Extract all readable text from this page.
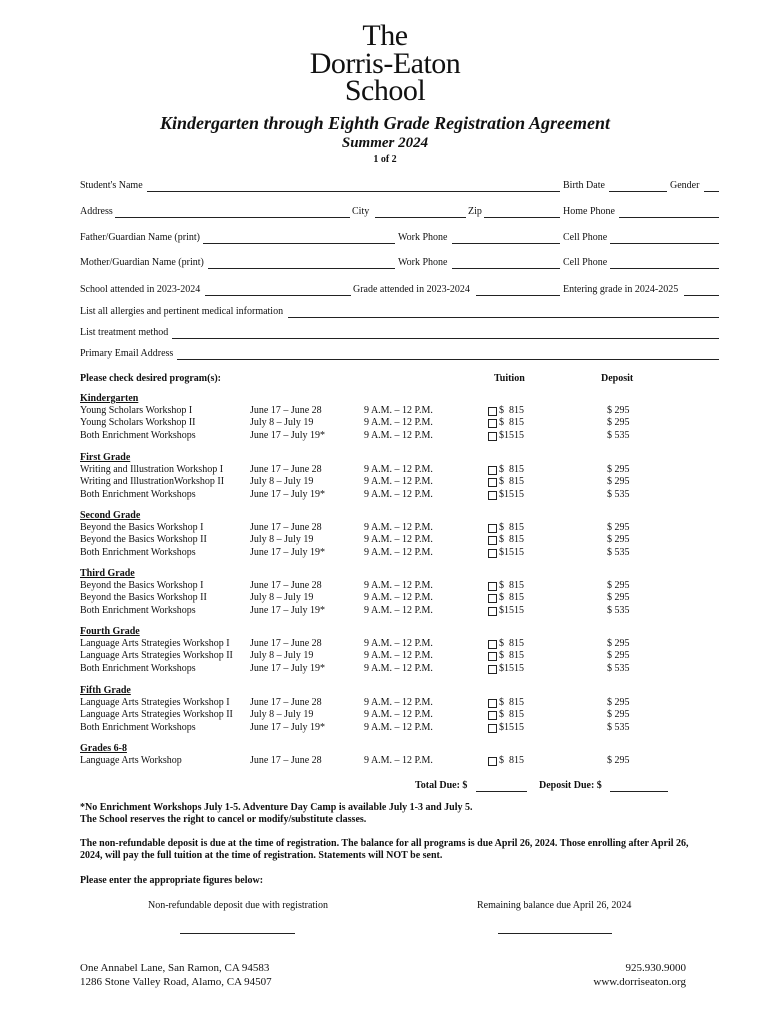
The
Dorris-Eaton
School
Kindergarten through Eighth Grade Registration Agreement
Summer 2024
1 of 2
Student's Name	Birth Date	Gender
Address	City	Zip	Home Phone
Father/Guardian Name (print)	Work Phone	Cell Phone
Mother/Guardian Name (print)	Work Phone	Cell Phone
School attended in 2023-2024	Grade attended in 2023-2024	Entering grade in 2024-2025
List all allergies and pertinent medical information
List treatment method
Primary Email Address
Please check desired program(s):	Tuition	Deposit
Kindergarten
Young Scholars Workshop I	June 17 – June 28	9 A.M. – 12 P.M.	$  815	$ 295
Young Scholars Workshop II	July 8 – July 19	9 A.M. – 12 P.M.	$  815	$ 295
Both Enrichment Workshops	June 17 – July 19*	9 A.M. – 12 P.M.	$1515	$ 535
First Grade
Writing and Illustration Workshop I	June 17 – June 28	9 A.M. – 12 P.M.	$  815	$ 295
Writing and IllustrationWorkshop II	July 8 – July 19	9 A.M. – 12 P.M.	$  815	$ 295
Both Enrichment Workshops	June 17 – July 19*	9 A.M. – 12 P.M.	$1515	$ 535
Second Grade
Beyond the Basics Workshop I	June 17 – June 28	9 A.M. – 12 P.M.	$  815	$ 295
Beyond the Basics Workshop II	July 8 – July 19	9 A.M. – 12 P.M.	$  815	$ 295
Both Enrichment Workshops	June 17 – July 19*	9 A.M. – 12 P.M.	$1515	$ 535
Third Grade
Beyond the Basics Workshop I	June 17 – June 28	9 A.M. – 12 P.M.	$  815	$ 295
Beyond the Basics Workshop II	July 8 – July 19	9 A.M. – 12 P.M.	$  815	$ 295
Both Enrichment Workshops	June 17 – July 19*	9 A.M. – 12 P.M.	$1515	$ 535
Fourth Grade
Language Arts Strategies Workshop I June 17 – June 28	9 A.M. – 12 P.M.	$  815	$ 295
Language Arts Strategies Workshop II July 8 – July 19	9 A.M. – 12 P.M.	$  815	$ 295
Both Enrichment Workshops	June 17 – July 19*	9 A.M. – 12 P.M.	$1515	$ 535
Fifth Grade
Language Arts Strategies Workshop I June 17 – June 28	9 A.M. – 12 P.M.	$  815	$ 295
Language Arts Strategies Workshop II July 8 – July 19	9 A.M. – 12 P.M.	$  815	$ 295
Both Enrichment Workshops	June 17 – July 19*	9 A.M. – 12 P.M.	$1515	$ 535
Grades 6-8
Language Arts Workshop	June 17 – June 28	9 A.M. – 12 P.M.	$  815	$ 295
Total Due: $	Deposit Due: $
*No Enrichment Workshops July 1-5. Adventure Day Camp is available July 1-3 and July 5.
The School reserves the right to cancel or modify/substitute classes.
The non-refundable deposit is due at the time of registration. The balance for all programs is due April 26, 2024. Those enrolling after April 26,
2024, will pay the full tuition at the time of registration. Statements will NOT be sent.
Please enter the appropriate figures below:
Non-refundable deposit due with registration	Remaining balance due April 26, 2024
One Annabel Lane, San Ramon, CA 94583
1286 Stone Valley Road, Alamo, CA 94507
925.930.9000
www.dorriseaton.org
